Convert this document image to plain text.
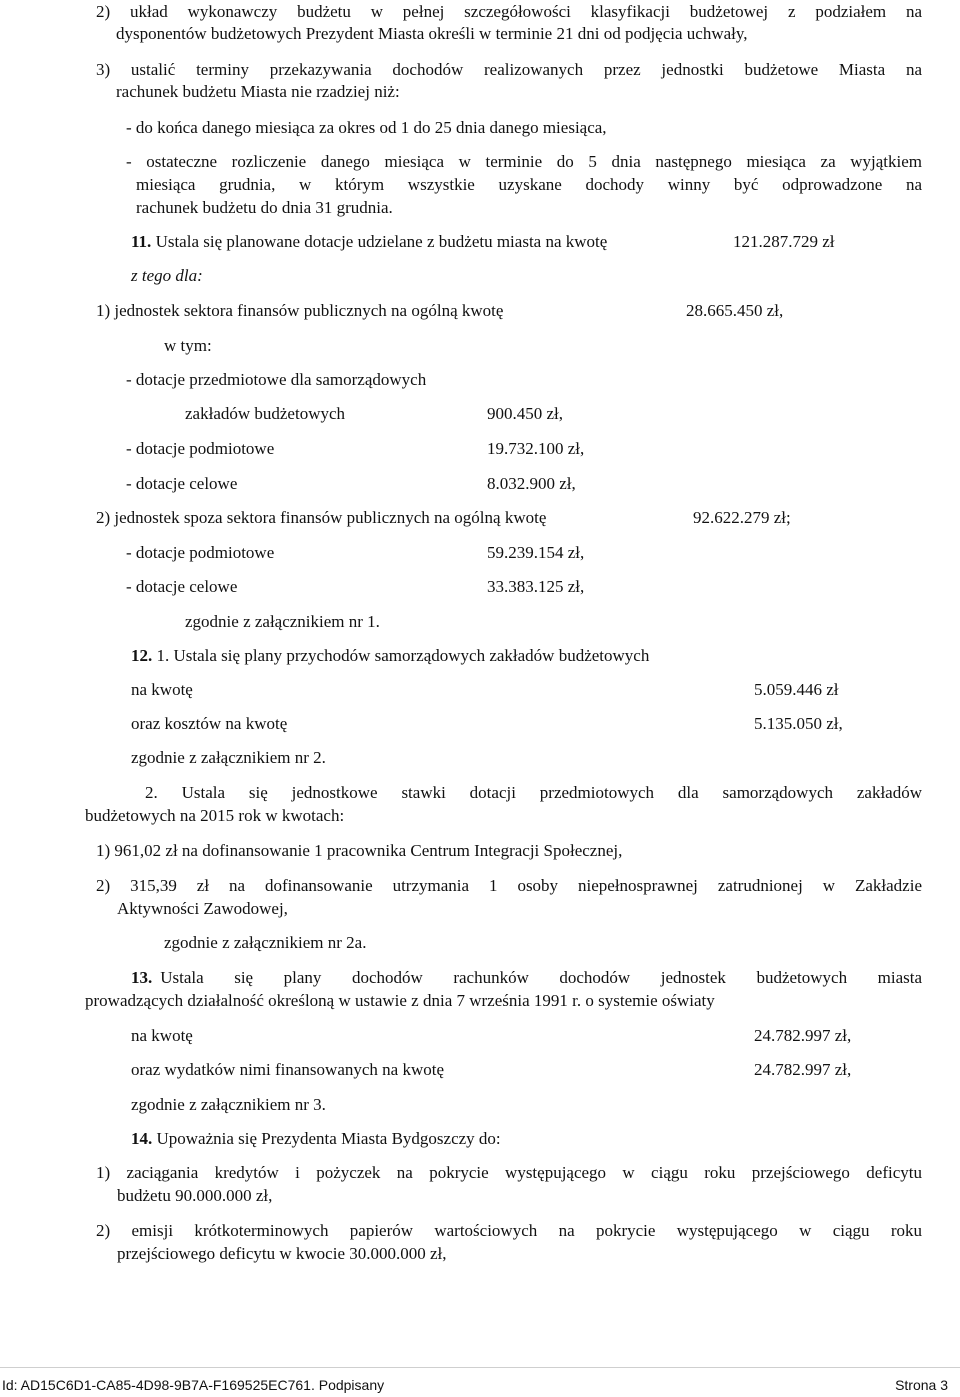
2) układ wykonawczy budżetu w pełnej szczegółowości klasyfikacji budżetowej z podziałem na
dysponentów budżetowych Prezydent Miasta określi w terminie 21 dni od podjęcia uchwały,
3) ustalić terminy przekazywania dochodów realizowanych przez jednostki budżetowe Miasta na
rachunek budżetu Miasta nie rzadziej niż:
- do końca danego miesiąca za okres od 1 do 25 dnia danego miesiąca,
- ostateczne rozliczenie danego miesiąca w terminie do 5 dnia następnego miesiąca za wyjątkiem
miesiąca grudnia, w którym wszystkie uzyskane dochody winny być odprowadzone na
rachunek budżetu do dnia 31 grudnia.
11. Ustala się planowane dotacje udzielane z budżetu miasta na kwotę	121.287.729 zł
z tego dla:
1) jednostek sektora finansów publicznych na ogólną kwotę	28.665.450 zł,
w tym:
- dotacje przedmiotowe dla samorządowych
zakładów budżetowych	900.450 zł,
- dotacje podmiotowe	19.732.100 zł,
- dotacje celowe	8.032.900 zł,
2) jednostek spoza sektora finansów publicznych na ogólną kwotę	92.622.279 zł;
- dotacje podmiotowe	59.239.154 zł,
- dotacje celowe	33.383.125 zł,
zgodnie z załącznikiem nr 1.
12. 1. Ustala się plany przychodów samorządowych zakładów budżetowych
na kwotę	5.059.446 zł
oraz kosztów na kwotę	5.135.050 zł,
zgodnie z załącznikiem nr 2.
2. Ustala się jednostkowe stawki dotacji przedmiotowych dla samorządowych zakładów
budżetowych na 2015 rok w kwotach:
1) 961,02 zł na dofinansowanie 1 pracownika Centrum Integracji Społecznej,
2) 315,39 zł na dofinansowanie utrzymania 1 osoby niepełnosprawnej zatrudnionej w Zakładzie
Aktywności Zawodowej,
zgodnie z załącznikiem nr 2a.
13. Ustala się plany dochodów rachunków dochodów jednostek budżetowych miasta
prowadzących działalność określoną w ustawie z dnia 7 września 1991 r. o systemie oświaty
na kwotę	24.782.997 zł,
oraz wydatków nimi finansowanych na kwotę	24.782.997 zł,
zgodnie z załącznikiem nr 3.
14. Upoważnia się Prezydenta Miasta Bydgoszczy do:
1) zaciągania kredytów i pożyczek na pokrycie występującego w ciągu roku przejściowego deficytu
budżetu 90.000.000 zł,
2) emisji krótkoterminowych papierów wartościowych na pokrycie występującego w ciągu roku
przejściowego deficytu w kwocie 30.000.000 zł,
Id: AD15C6D1-CA85-4D98-9B7A-F169525EC761. Podpisany	Strona 3
